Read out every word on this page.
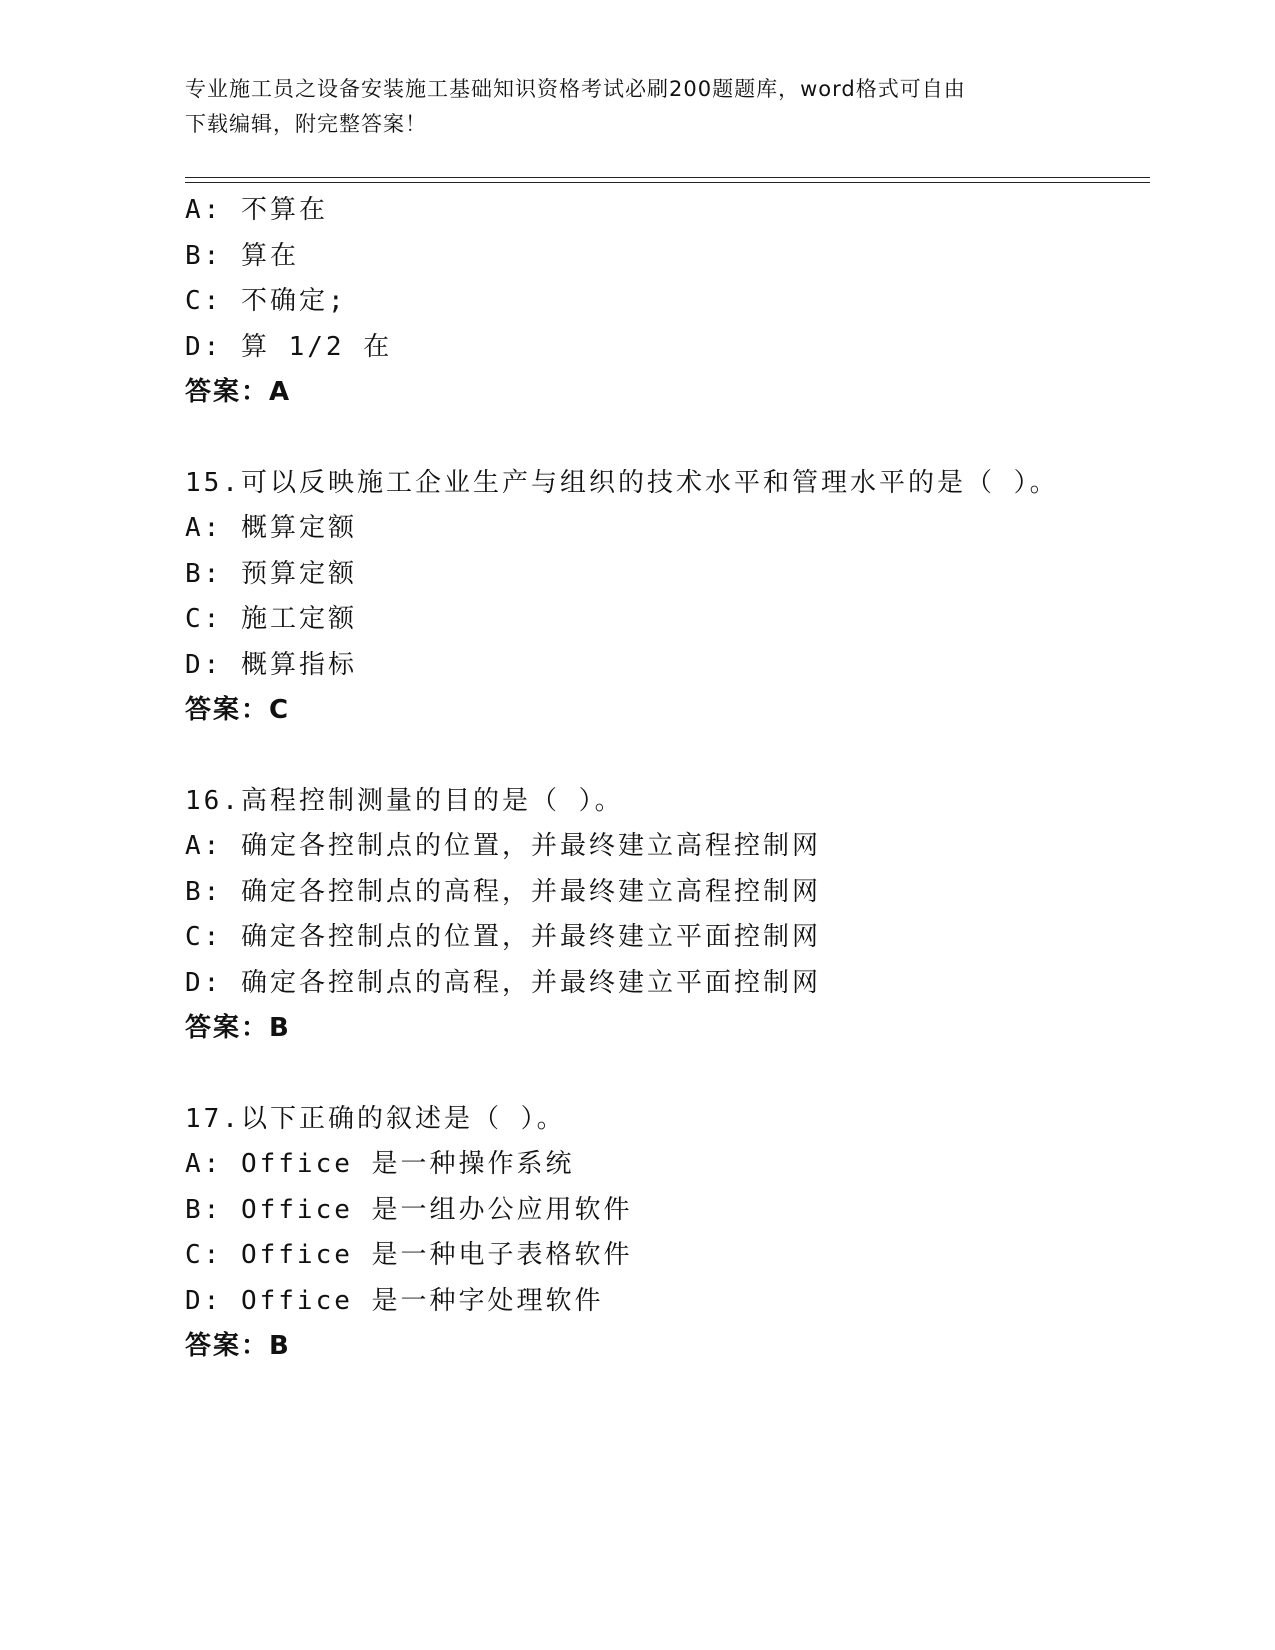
专业施工员之设备安装施工基础知识资格考试必刷200题题库，word格式可自由
下载编辑，附完整答案！
A: 不算在
B: 算在
C: 不确定;
D: 算 1/2 在
答案：A
15.可以反映施工企业生产与组织的技术水平和管理水平的是（ ）。
A: 概算定额
B: 预算定额
C: 施工定额
D: 概算指标
答案：C
16.高程控制测量的目的是（ ）。
A: 确定各控制点的位置，并最终建立高程控制网
B: 确定各控制点的高程，并最终建立高程控制网
C: 确定各控制点的位置，并最终建立平面控制网
D: 确定各控制点的高程，并最终建立平面控制网
答案：B
17.以下正确的叙述是（ ）。
A: Office 是一种操作系统
B: Office 是一组办公应用软件
C: Office 是一种电子表格软件
D: Office 是一种字处理软件
答案：B
